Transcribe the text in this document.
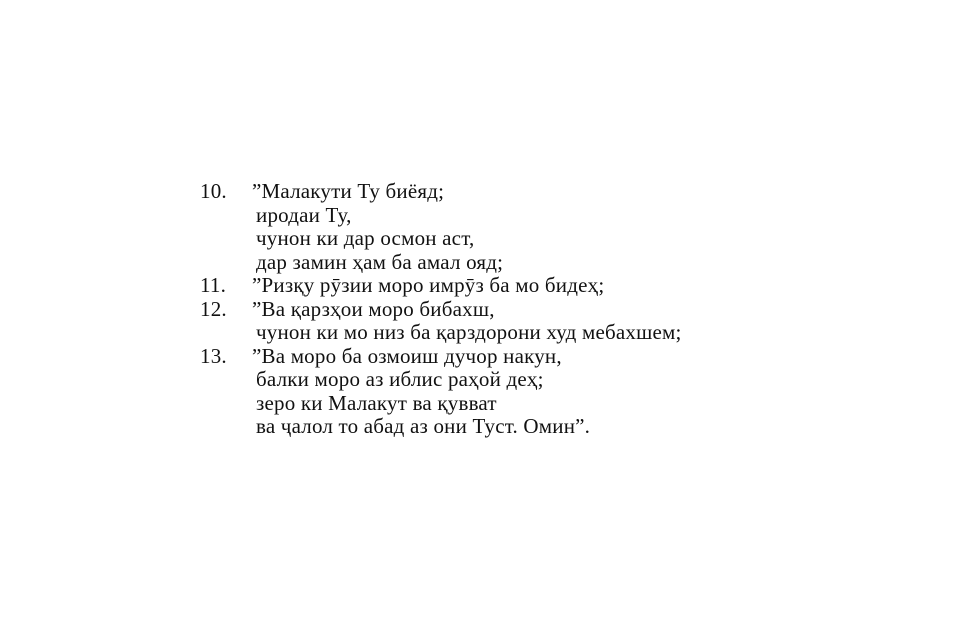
10.	”Малакути Ту биёяд;
иродаи Ту,
чунон ки дар осмон аст,
дар замин ҳам ба амал ояд;
11.	”Ризқу рӯзии моро имрӯз ба мо бидеҳ;
12.	”Ва қарзҳои моро бибахш,
чунон ки мо низ ба қарздорони худ мебахшем;
13.	”Ва моро ба озмоиш дучор накун,
балки моро аз иблис раҳой деҳ;
зеро ки Малакут ва қувват
ва ҷалол то абад аз они Туст. Омин”.
